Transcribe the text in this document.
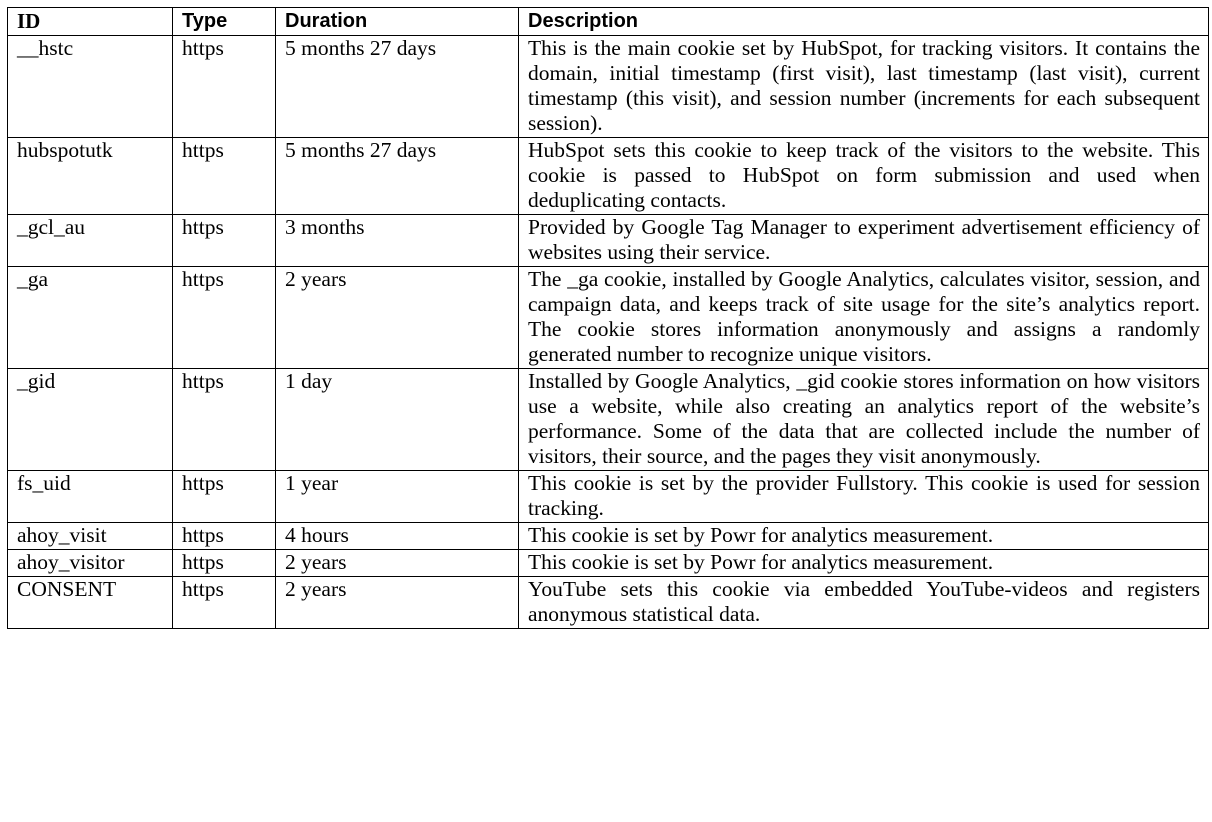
ID	Type	Duration	Description
__hstc	https	5 months 27 days	This is the main cookie set by HubSpot, for tracking visitors. It contains the domain, initial timestamp (first visit), last timestamp (last visit), current timestamp (this visit), and session number (increments for each subsequent session).
hubspotutk	https	5 months 27 days	HubSpot sets this cookie to keep track of the visitors to the website. This cookie is passed to HubSpot on form submission and used when deduplicating contacts.
_gcl_au	https	3 months	Provided by Google Tag Manager to experiment advertisement efficiency of websites using their service.
_ga	https	2 years	The _ga cookie, installed by Google Analytics, calculates visitor, session, and campaign data, and keeps track of site usage for the site’s analytics report. The cookie stores information anonymously and assigns a randomly generated number to recognize unique visitors.
_gid	https	1 day	Installed by Google Analytics, _gid cookie stores information on how visitors use a website, while also creating an analytics report of the website’s performance. Some of the data that are collected include the number of visitors, their source, and the pages they visit anonymously.
fs_uid	https	1 year	This cookie is set by the provider Fullstory. This cookie is used for session tracking.
ahoy_visit	https	4 hours	This cookie is set by Powr for analytics measurement.
ahoy_visitor	https	2 years	This cookie is set by Powr for analytics measurement.
CONSENT	https	2 years	YouTube sets this cookie via embedded YouTube-videos and registers anonymous statistical data.
